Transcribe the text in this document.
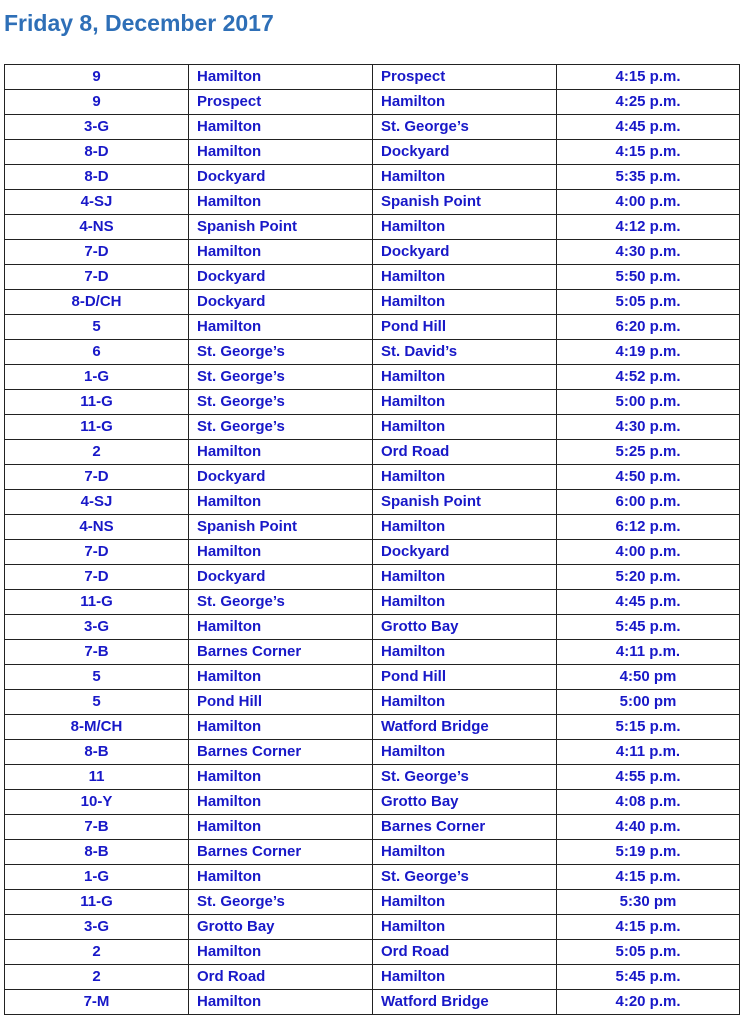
Friday 8, December 2017
9	Hamilton	Prospect	4:15 p.m.
9	Prospect	Hamilton	4:25 p.m.
3-G	Hamilton	St. George’s	4:45 p.m.
8-D	Hamilton	Dockyard	4:15 p.m.
8-D	Dockyard	Hamilton	5:35 p.m.
4-SJ	Hamilton	Spanish Point	4:00 p.m.
4-NS	Spanish Point	Hamilton	4:12 p.m.
7-D	Hamilton	Dockyard	4:30 p.m.
7-D	Dockyard	Hamilton	5:50 p.m.
8-D/CH	Dockyard	Hamilton	5:05 p.m.
5	Hamilton	Pond Hill	6:20 p.m.
6	St. George’s	St. David’s	4:19 p.m.
1-G	St. George’s	Hamilton	4:52 p.m.
11-G	St. George’s	Hamilton	5:00 p.m.
11-G	St. George’s	Hamilton	4:30 p.m.
2	Hamilton	Ord Road	5:25 p.m.
7-D	Dockyard	Hamilton	4:50 p.m.
4-SJ	Hamilton	Spanish Point	6:00 p.m.
4-NS	Spanish Point	Hamilton	6:12 p.m.
7-D	Hamilton	Dockyard	4:00 p.m.
7-D	Dockyard	Hamilton	5:20 p.m.
11-G	St. George’s	Hamilton	4:45 p.m.
3-G	Hamilton	Grotto Bay	5:45 p.m.
7-B	Barnes Corner	Hamilton	4:11 p.m.
5	Hamilton	Pond Hill	4:50 pm
5	Pond Hill	Hamilton	5:00 pm
8-M/CH	Hamilton	Watford Bridge	5:15 p.m.
8-B	Barnes Corner	Hamilton	4:11 p.m.
11	Hamilton	St. George’s	4:55 p.m.
10-Y	Hamilton	Grotto Bay	4:08 p.m.
7-B	Hamilton	Barnes Corner	4:40 p.m.
8-B	Barnes Corner	Hamilton	5:19 p.m.
1-G	Hamilton	St. George’s	4:15 p.m.
11-G	St. George’s	Hamilton	5:30 pm
3-G	Grotto Bay	Hamilton	4:15 p.m.
2	Hamilton	Ord Road	5:05 p.m.
2	Ord Road	Hamilton	5:45 p.m.
7-M	Hamilton	Watford Bridge	4:20 p.m.
